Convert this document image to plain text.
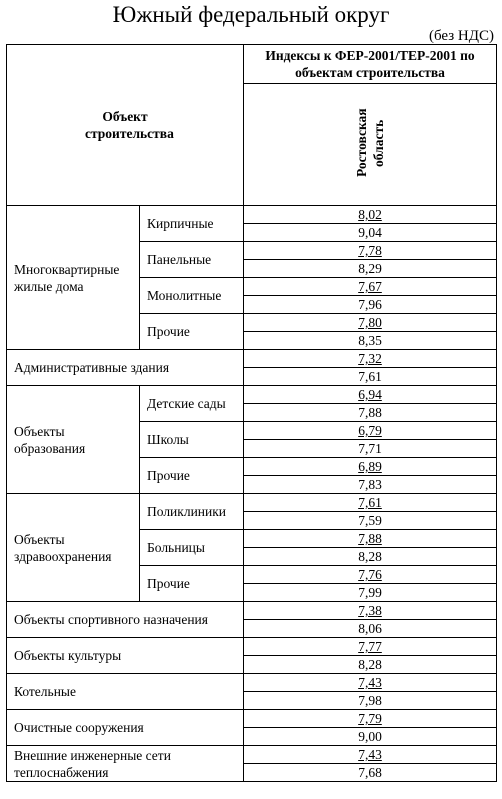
Южный федеральный округ
(без НДС)
Объект строительства		Индексы к ФЕР-2001/ТЕР-2001 по объектам строительства

		Ростовская область
Многоквартирные жилые дома	Кирпичные	8,02
		9,04
	Панельные	7,78
		8,29
	Монолитные	7,67
		7,96
	Прочие	7,80
		8,35
Административные здания		7,32
		7,61

Объекты образования	Детские сады	6,94
		7,88
	Школы	6,79
		7,71
	Прочие	6,89
		7,83

Объекты здравоохранения	Поликлиники	7,61
		7,59
	Больницы	7,88
		8,28
	Прочие	7,76
		7,99
Объекты спортивного назначения		7,38
		8,06
Объекты культуры		7,77
		8,28
Котельные		7,43
		7,98
Очистные сооружения		7,79
		9,00

Внешние инженерные сети теплоснабжения		7,43
		7,68
